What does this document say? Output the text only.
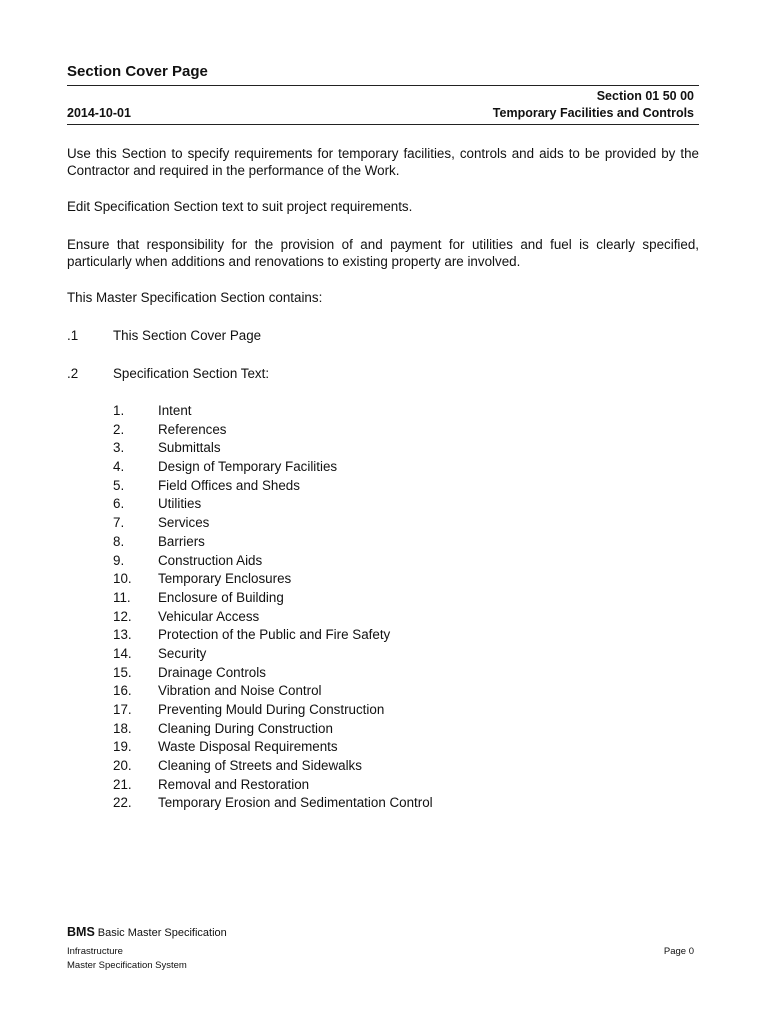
Section Cover Page
Section 01 50 00
2014-10-01	Temporary Facilities and Controls
Use this Section to specify requirements for temporary facilities, controls and aids to be provided by the Contractor and required in the performance of the Work.
Edit Specification Section text to suit project requirements.
Ensure that responsibility for the provision of and payment for utilities and fuel is clearly specified, particularly when additions and renovations to existing property are involved.
This Master Specification Section contains:
.1	This Section Cover Page
.2	Specification Section Text:
1.	Intent
2.	References
3.	Submittals
4.	Design of Temporary Facilities
5.	Field Offices and Sheds
6.	Utilities
7.	Services
8.	Barriers
9.	Construction Aids
10. Temporary Enclosures
11. Enclosure of Building
12. Vehicular Access
13. Protection of the Public and Fire Safety
14. Security
15. Drainage Controls
16. Vibration and Noise Control
17. Preventing Mould During Construction
18. Cleaning During Construction
19. Waste Disposal Requirements
20. Cleaning of Streets and Sidewalks
21. Removal and Restoration
22. Temporary Erosion and Sedimentation Control
BMS Basic Master Specification
Infrastructure
Master Specification System
Page 0
